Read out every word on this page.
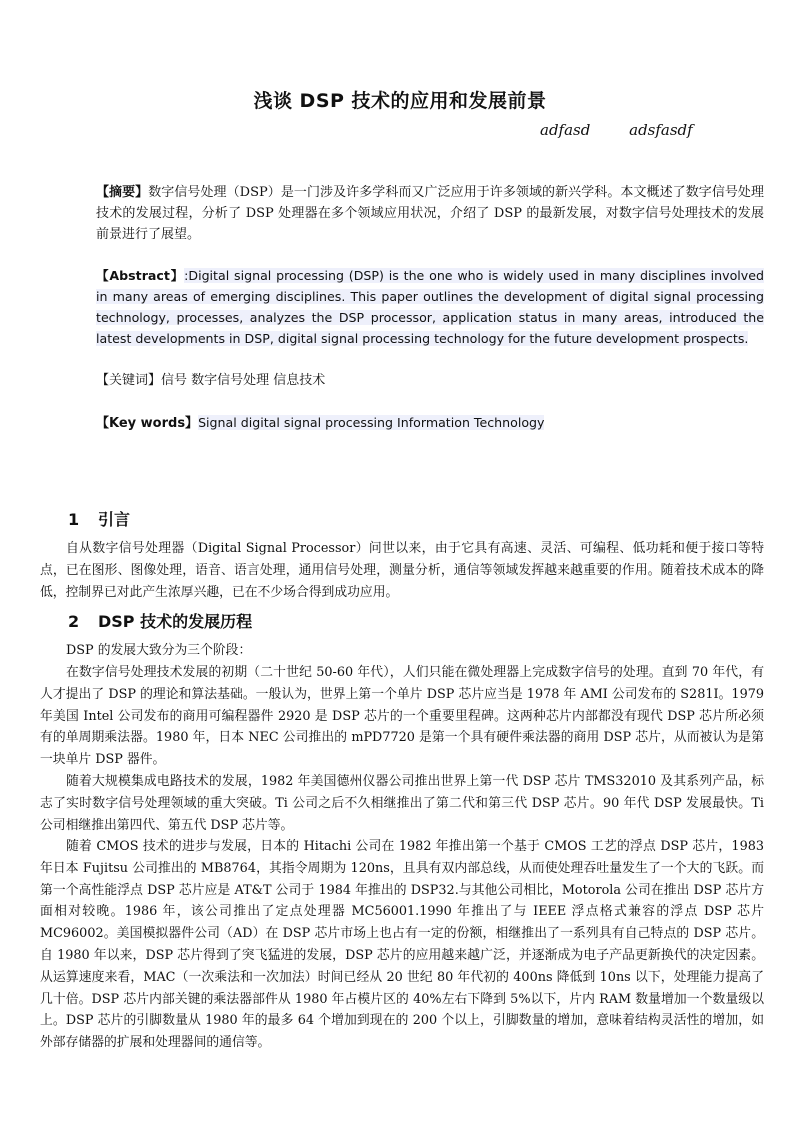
浅谈 DSP 技术的应用和发展前景
adfasd	adsfasdf
【摘要】数字信号处理（DSP）是一门涉及许多学科而又广泛应用于许多领域的新兴学科。本文概述了数字信号处理技术的发展过程，分析了 DSP 处理器在多个领域应用状况，介绍了 DSP 的最新发展，对数字信号处理技术的发展前景进行了展望。
【Abstract】:Digital signal processing (DSP) is the one who is widely used in many disciplines involved in many areas of emerging disciplines. This paper outlines the development of digital signal processing technology, processes, analyzes the DSP processor, application status in many areas, introduced the latest developments in DSP, digital signal processing technology for the future development prospects.
【关键词】信号 数字信号处理 信息技术
【Key words】Signal digital signal processing Information Technology
1 引言
自从数字信号处理器（Digital Signal Processor）问世以来，由于它具有高速、灵活、可编程、低功耗和便于接口等特点，已在图形、图像处理，语音、语言处理，通用信号处理，测量分析，通信等领域发挥越来越重要的作用。随着技术成本的降低，控制界已对此产生浓厚兴趣，已在不少场合得到成功应用。
2 DSP 技术的发展历程
DSP 的发展大致分为三个阶段：
在数字信号处理技术发展的初期（二十世纪 50-60 年代），人们只能在微处理器上完成数字信号的处理。直到 70 年代，有人才提出了 DSP 的理论和算法基础。一般认为，世界上第一个单片 DSP 芯片应当是 1978 年 AMI 公司发布的 S281I。1979 年美国 Intel 公司发布的商用可编程器件 2920 是 DSP 芯片的一个重要里程碑。这两种芯片内部都没有现代 DSP 芯片所必须有的单周期乘法器。1980 年，日本 NEC 公司推出的 mPD7720 是第一个具有硬件乘法器的商用 DSP 芯片，从而被认为是第一块单片 DSP 器件。
随着大规模集成电路技术的发展，1982 年美国德州仪器公司推出世界上第一代 DSP 芯片 TMS32010 及其系列产品，标志了实时数字信号处理领域的重大突破。Ti 公司之后不久相继推出了第二代和第三代 DSP 芯片。90 年代 DSP 发展最快。Ti 公司相继推出第四代、第五代 DSP 芯片等。
随着 CMOS 技术的进步与发展，日本的 Hitachi 公司在 1982 年推出第一个基于 CMOS 工艺的浮点 DSP 芯片，1983 年日本 Fujitsu 公司推出的 MB8764，其指令周期为 120ns，且具有双内部总线，从而使处理吞吐量发生了一个大的飞跃。而第一个高性能浮点 DSP 芯片应是 AT&T 公司于 1984 年推出的 DSP32.与其他公司相比，Motorola 公司在推出 DSP 芯片方面相对较晚。1986 年，该公司推出了定点处理器 MC56001.1990 年推出了与 IEEE 浮点格式兼容的浮点 DSP 芯片 MC96002。美国模拟器件公司（AD）在 DSP 芯片市场上也占有一定的份额，相继推出了一系列具有自己特点的 DSP 芯片。自 1980 年以来，DSP 芯片得到了突飞猛进的发展，DSP 芯片的应用越来越广泛，并逐渐成为电子产品更新换代的决定因素。从运算速度来看，MAC（一次乘法和一次加法）时间已经从 20 世纪 80 年代初的 400ns 降低到 10ns 以下，处理能力提高了几十倍。DSP 芯片内部关键的乘法器部件从 1980 年占模片区的 40%左右下降到 5%以下，片内 RAM 数量增加一个数量级以上。DSP 芯片的引脚数量从 1980 年的最多 64 个增加到现在的 200 个以上，引脚数量的增加，意味着结构灵活性的增加，如外部存储器的扩展和处理器间的通信等。
